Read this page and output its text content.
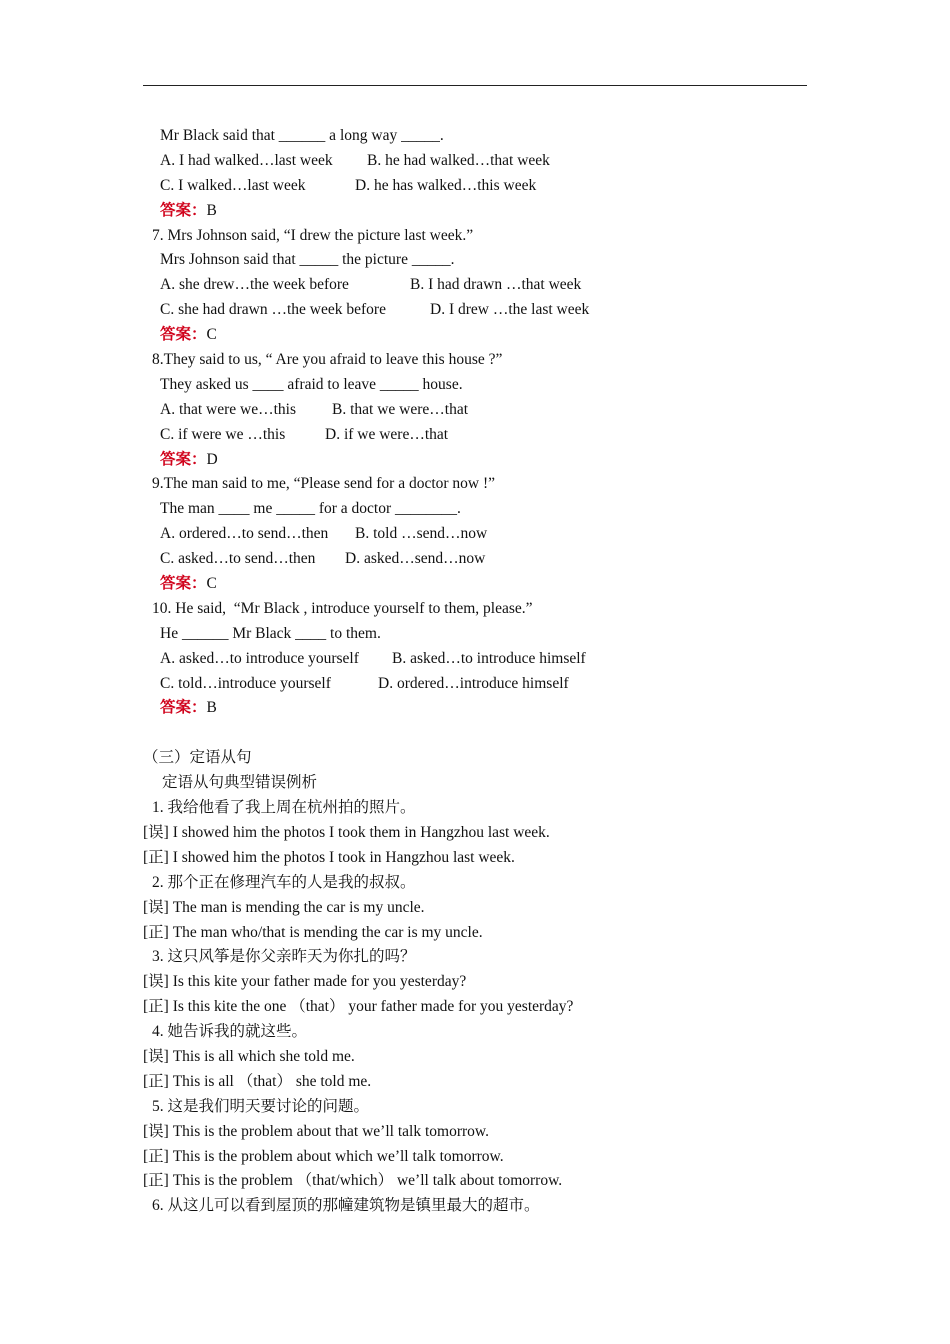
Mr Black said that ______ a long way _____.

A. I had walked…last week

B. he had walked…that week

C. I walked…last week

	D. he has walked…this week

答案：B
7. Mrs Johnson said, “I drew the picture last week.”
Mrs Johnson said that _____ the picture _____.

A. she drew…the week before

	B. I had drawn …that week

C. she had drawn …the week before

	D. I drew …the last week

答案：C
8.They said to us, “ Are you afraid to leave this house ?”
They asked us ____ afraid to leave _____ house.

A. that were we…this

B. that we were…that

C. if were we …this

	D. if we were…that

答案：D
9.The man said to me, “Please send for a doctor now !”
The man ____ me _____ for a doctor ________.

A. ordered…to send…then

B. told …send…now

C. asked…to send…then

D. asked…send…now

答案：C
10. He said,  “Mr Black , introduce yourself to them, please.”
He ______ Mr Black ____ to them.

A. asked…to introduce yourself

B. asked…to introduce himself

C. told…introduce yourself

	D. ordered…introduce himself

答案：B
（三）定语从句
定语从句典型错误例析
1. 我给他看了我上周在杭州拍的照片。
[误] I showed him the photos I took them in Hangzhou last week.
[正] I showed him the photos I took in Hangzhou last week.
2. 那个正在修理汽车的人是我的叔叔。
[误] The man is mending the car is my uncle.
[正] The man who/that is mending the car is my uncle.
3. 这只风筝是你父亲昨天为你扎的吗？
[误] Is this kite your father made for you yesterday?
[正] Is this kite the one （that） your father made for you yesterday?
4. 她告诉我的就这些。
[误] This is all which she told me.
[正] This is all （that） she told me.
5. 这是我们明天要讨论的问题。
[误] This is the problem about that we’ll talk tomorrow.
[正] This is the problem about which we’ll talk tomorrow.
[正] This is the problem （that/which） we’ll talk about tomorrow.
6. 从这儿可以看到屋顶的那幢建筑物是镇里最大的超市。
